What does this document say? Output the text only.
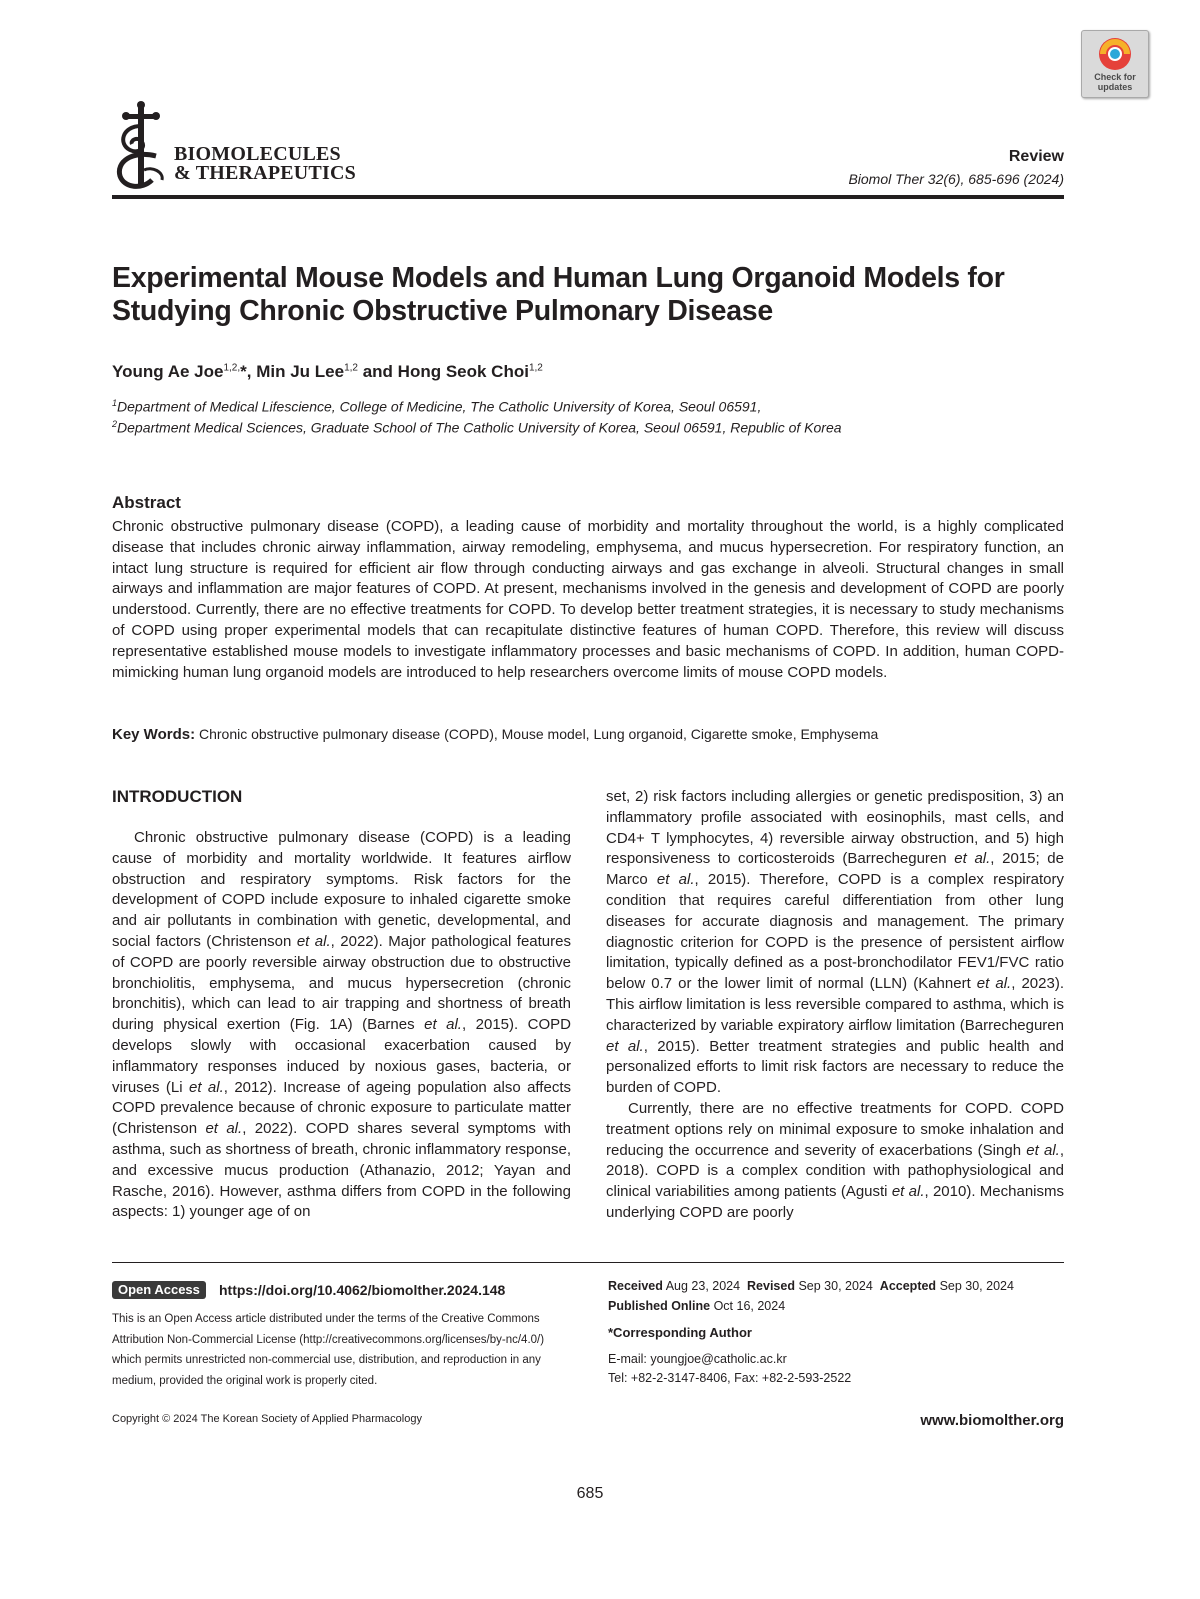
Check for
updates
BIOMOLECULES
& THERAPEUTICS
Review
Biomol Ther 32(6), 685-696 (2024)
Experimental Mouse Models and Human Lung Organoid Models for Studying Chronic Obstructive Pulmonary Disease
Young Ae Joe$^{1,2,}$*, Min Ju Lee$^{1,2}$ and Hong Seok Choi$^{1,2}$
$^1$Department of Medical Lifescience, College of Medicine, The Catholic University of Korea, Seoul 06591,
$^2$Department Medical Sciences, Graduate School of The Catholic University of Korea, Seoul 06591, Republic of Korea
Abstract

Chronic obstructive pulmonary disease (COPD), a leading cause of morbidity and mortality throughout the world, is a highly complicated disease that includes chronic airway inflammation, airway remodeling, emphysema, and mucus hypersecretion. For respiratory function, an intact lung structure is required for efficient air flow through conducting airways and gas exchange in alveoli. Structural changes in small airways and inflammation are major features of COPD. At present, mechanisms involved in the genesis and development of COPD are poorly understood. Currently, there are no effective treatments for COPD. To develop better treatment strategies, it is necessary to study mechanisms of COPD using proper experimental models that can recapitulate distinctive features of human COPD. Therefore, this review will discuss representative established mouse models to investigate inflammatory processes and basic mechanisms of COPD. In addition, human COPD-mimicking human lung organoid models are introduced to help researchers overcome limits of mouse COPD models.

Key Words: Chronic obstructive pulmonary disease (COPD), Mouse model, Lung organoid, Cigarette smoke, Emphysema
INTRODUCTION

Chronic obstructive pulmonary disease (COPD) is a leading cause of morbidity and mortality worldwide. It features airflow obstruction and respiratory symptoms. Risk factors for the development of COPD include exposure to inhaled cigarette smoke and air pollutants in combination with genetic, developmental, and social factors (Christenson et al., 2022). Major pathological features of COPD are poorly reversible airway obstruction due to obstructive bronchiolitis, emphysema, and mucus hypersecretion (chronic bronchitis), which can lead to air trapping and shortness of breath during physical exertion (Fig. 1A) (Barnes et al., 2015). COPD develops slowly with occasional exacerbation caused by inflammatory responses induced by noxious gases, bacteria, or viruses (Li et al., 2012). Increase of ageing population also affects COPD prevalence because of chronic exposure to particulate matter (Christenson et al., 2022). COPD shares several symptoms with asthma, such as shortness of breath, chronic inflammatory response, and excessive mucus production (Athanazio, 2012; Yayan and Rasche, 2016). However, asthma differs from COPD in the following aspects: 1) younger age of on

set, 2) risk factors including allergies or genetic predisposition, 3) an inflammatory profile associated with eosinophils, mast cells, and CD4+ T lymphocytes, 4) reversible airway obstruction, and 5) high responsiveness to corticosteroids (Barrecheguren et al., 2015; de Marco et al., 2015). Therefore, COPD is a complex respiratory condition that requires careful differentiation from other lung diseases for accurate diagnosis and management. The primary diagnostic criterion for COPD is the presence of persistent airflow limitation, typically defined as a post-bronchodilator FEV1/FVC ratio below 0.7 or the lower limit of normal (LLN) (Kahnert et al., 2023). This airflow limitation is less reversible compared to asthma, which is characterized by variable expiratory airflow limitation (Barrecheguren et al., 2015). Better treatment strategies and public health and personalized efforts to limit risk factors are necessary to reduce the burden of COPD.

Currently, there are no effective treatments for COPD. COPD treatment options rely on minimal exposure to smoke inhalation and reducing the occurrence and severity of exacerbations (Singh et al., 2018). COPD is a complex condition with pathophysiological and clinical variabilities among patients (Agusti et al., 2010). Mechanisms underlying COPD are poorly

Open Access	https://doi.org/10.4062/biomolther.2024.148

This is an Open Access article distributed under the terms of the Creative Commons Attribution Non-Commercial License (http://creativecommons.org/licenses/by-nc/4.0/) which permits unrestricted non-commercial use, distribution, and reproduction in any medium, provided the original work is properly cited.

Received Aug 23, 2024 Revised Sep 30, 2024 Accepted Sep 30, 2024
Published Online Oct 16, 2024
*Corresponding Author
E-mail: youngjoe@catholic.ac.kr
Tel: +82-2-3147-8406, Fax: +82-2-593-2522
Copyright © 2024 The Korean Society of Applied Pharmacology	www.biomolther.org
685
